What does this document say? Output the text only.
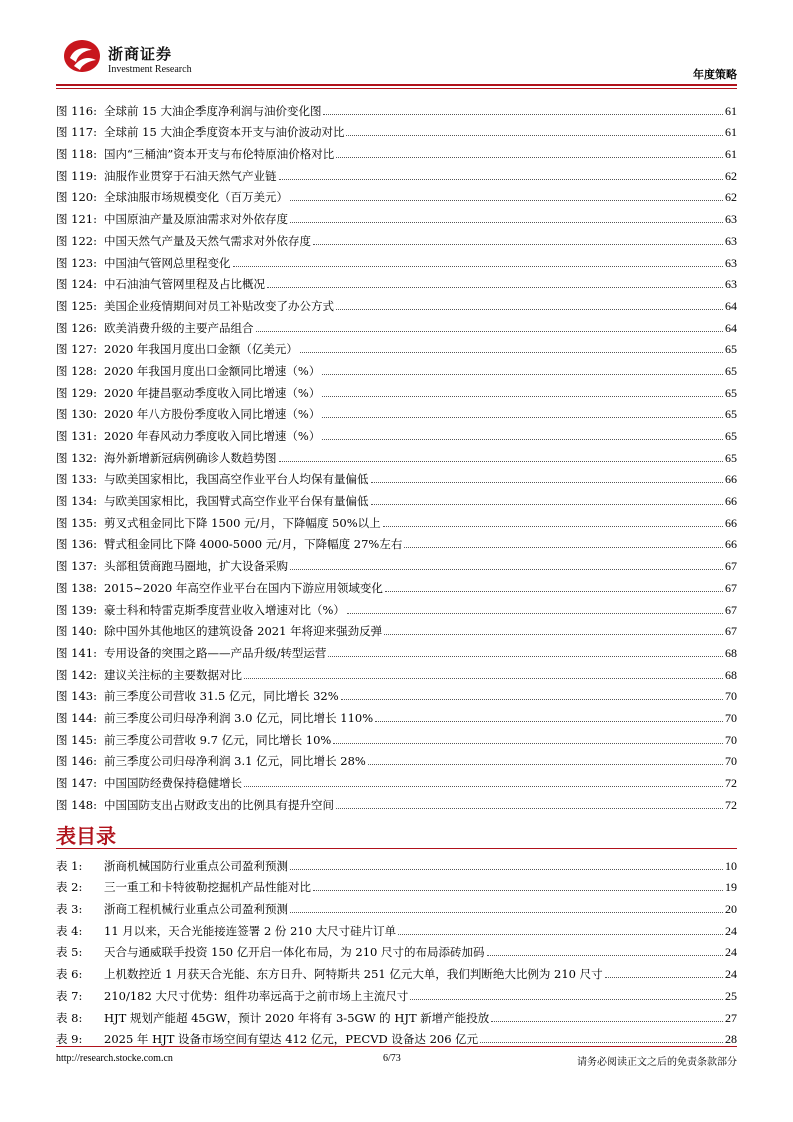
浙商证券
Investment Research	年度策略
图 116: 全球前 15 大油企季度净利润与油价变化图	61
图 117: 全球前 15 大油企季度资本开支与油价波动对比	61
图 118: 国内“三桶油”资本开支与布伦特原油价格对比	61
图 119: 油服作业贯穿于石油天然气产业链	62
图 120: 全球油服市场规模变化（百万美元）	62
图 121: 中国原油产量及原油需求对外依存度	63
图 122: 中国天然气产量及天然气需求对外依存度	63
图 123: 中国油气管网总里程变化	63
图 124: 中石油油气管网里程及占比概况	63
图 125: 美国企业疫情期间对员工补贴改变了办公方式	64
图 126: 欧美消费升级的主要产品组合	64
图 127: 2020 年我国月度出口金额（亿美元）	65
图 128: 2020 年我国月度出口金额同比增速（%）	65
图 129: 2020 年捷昌驱动季度收入同比增速（%）	65
图 130: 2020 年八方股份季度收入同比增速（%）	65
图 131: 2020 年春风动力季度收入同比增速（%）	65
图 132: 海外新增新冠病例确诊人数趋势图	65
图 133: 与欧美国家相比，我国高空作业平台人均保有量偏低	66
图 134: 与欧美国家相比，我国臂式高空作业平台保有量偏低	66
图 135: 剪叉式租金同比下降 1500 元/月，下降幅度 50%以上	66
图 136: 臂式租金同比下降 4000-5000 元/月，下降幅度 27%左右	66
图 137: 头部租赁商跑马圈地，扩大设备采购	67
图 138: 2015~2020 年高空作业平台在国内下游应用领域变化	67
图 139: 豪士科和特雷克斯季度营业收入增速对比（%）	67
图 140: 除中国外其他地区的建筑设备 2021 年将迎来强劲反弹	67
图 141: 专用设备的突围之路——产品升级/转型运营	68
图 142: 建议关注标的主要数据对比	68
图 143: 前三季度公司营收 31.5 亿元，同比增长 32%	70
图 144: 前三季度公司归母净利润 3.0 亿元，同比增长 110%	70
图 145: 前三季度公司营收 9.7 亿元，同比增长 10%	70
图 146: 前三季度公司归母净利润 3.1 亿元，同比增长 28%	70
图 147: 中国国防经费保持稳健增长	72
图 148: 中国国防支出占财政支出的比例具有提升空间	72
表目录
表 1:	浙商机械国防行业重点公司盈利预测	10
表 2:	三一重工和卡特彼勒挖掘机产品性能对比	19
表 3:	浙商工程机械行业重点公司盈利预测	20
表 4:	11 月以来，天合光能接连签署 2 份 210 大尺寸硅片订单	24
表 5:	天合与通威联手投资 150 亿开启一体化布局，为 210 尺寸的布局添砖加码	24
表 6:	上机数控近 1 月获天合光能、东方日升、阿特斯共 251 亿元大单，我们判断绝大比例为 210 尺寸	24
表 7:	210/182 大尺寸优势：组件功率远高于之前市场上主流尺寸	25
表 8:	HJT 规划产能超 45GW，预计 2020 年将有 3-5GW 的 HJT 新增产能投放	27
表 9:	2025 年 HJT 设备市场空间有望达 412 亿元，PECVD 设备达 206 亿元	28
http://research.stocke.com.cn	6/73	请务必阅读正文之后的免责条款部分
